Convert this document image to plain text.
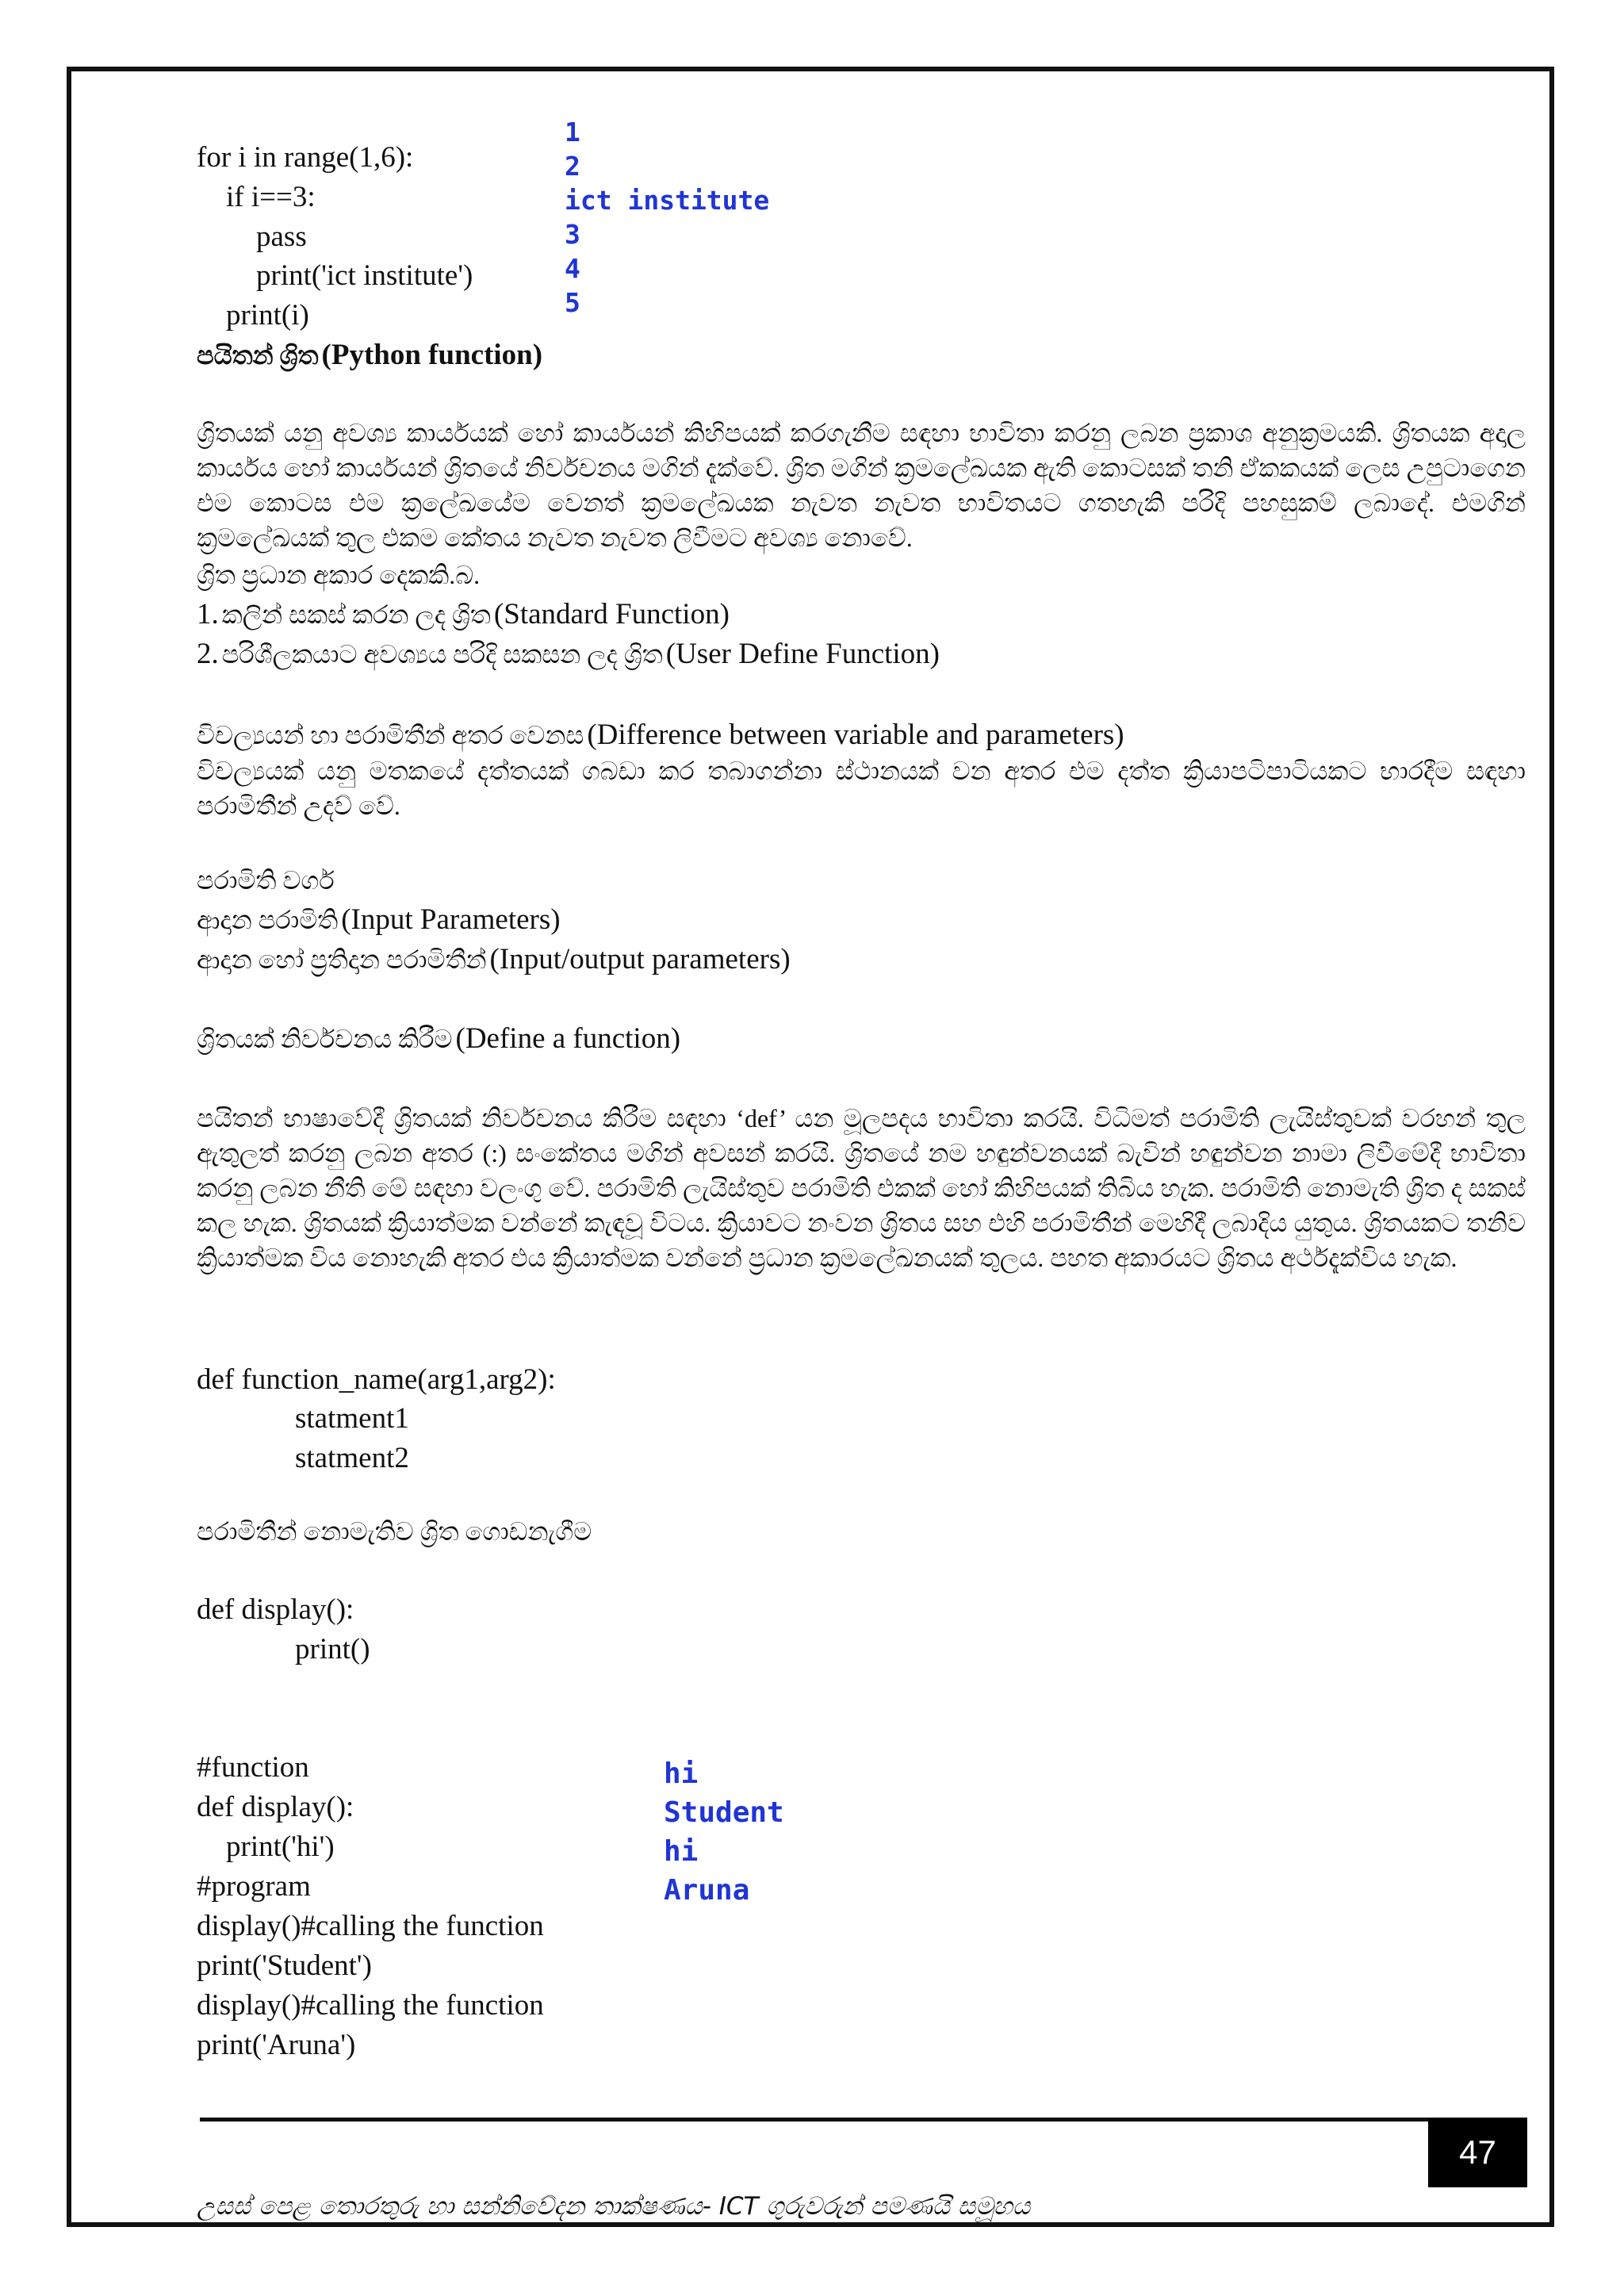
for i in range(1,6):
if i==3:
pass
print('ict institute')
print(i)
1
2
ict institute
3
4
5
පයිතන් ශ්‍රිත (Python function)
ශ්‍රිතයක් යනු අවශ්‍ය කාර්යයක් හෝ කාර්යයන් කිහිපයක් කරගැනීම සඳහා භාවිතා කරනු ලබන ප්‍රකාශ අනුක්‍රමයකි. ශ්‍රිතයක අදාල කාර්යය හෝ කාර්යයන් ශ්‍රිතයේ නිර්වචනය මගින් දැක්වේ. ශ්‍රිත මගින් ක්‍රමලේඛයක ඇති කොටසක් තනි ඒකකයක් ලෙස උපුටාගෙන එම කොටස එම ක්‍රලේඛයේම වෙනත් ක්‍රමලේඛයක නැවත නැවත භාවිතයට ගතහැකි පරිදි පහසුකම් ලබාදේ. එමගින් ක්‍රමලේඛයක් තුල එකම කේතය නැවත නැවත ලිවීමට අවශ්‍ය නොවේ.
ශ්‍රිත ප්‍රධාන අකාර දෙකකි.බ.
1. කලින් සකස් කරන ලද ශ්‍රිත (Standard Function)
2. පරිශීලකයාට අවශ්‍යය පරිදි සකසන ලද ශ්‍රිත (User Define Function)
විචල්‍යයන් හා පරාමිතීන් අතර වෙනස (Difference between variable and parameters)
විචල්‍යයක් යනු මතකයේ දත්තයක් ගබඩා කර තබාගන්නා ස්ථානයක් වන අතර එම දත්ත ක්‍රියාපටිපාටියකට භාරදීම සඳහා පරාමිතීන් උදව් වේ.
පරාමිති වර්ග
ආදාන පරාමිති (Input Parameters)
ආදාන හෝ ප්‍රතිදාන පරාමිතීන් (Input/output parameters)
ශ්‍රිතයක් නිර්වචනය කිරීම (Define a function)
පයිතන් භාෂාවේදී ශ්‍රිතයක් නිර්වචනය කිරීම සඳහා ‘def’ යන මූලපදය භාවිතා කරයි. විධිමත් පරාමිති ලැයිස්තුවක් වරහන් තුල ඇතුලත් කරනු ලබන අතර (:) සංකේතය මගින් අවසන් කරයි. ශ්‍රිතයේ නම හඳුන්වනයක් බැවින් හඳුන්වන නාමා ලිවීමේදී භාවිතා කරනු ලබන නීති මේ සඳහා වලංගු වේ. පරාමිති ලැයිස්තුව පරාමිති එකක් හෝ කිහිපයක් තිබිය හැක. පරාමිති නොමැති ශ්‍රිත ද සකස් කල හැක. ශ්‍රිතයක් ක්‍රියාත්මක වන්නේ කැඳවූ විටය. ක්‍රියාවට නංවන ශ්‍රිතය සහ එහි පරාමිතීන් මෙහිදී ලබාදිය යුතුය. ශ්‍රිතයකට තනිව ක්‍රියාත්මක විය නොහැකි අතර එය ක්‍රියාත්මක වන්නේ ප්‍රධාන ක්‍රමලේඛනයක් තුලය. පහත අකාරයට ශ්‍රිතය අර්ථදැක්විය හැක.
def function_name(arg1,arg2):
statment1
statment2
පරාමිතීන් නොමැතිව ශ්‍රිත ගොඩනැගීම
def display():
print()
#function
def display():
print('hi')
#program
display()#calling the function
print('Student')
display()#calling the function
print('Aruna')
hi
Student
hi
Aruna
47
උසස් පෙළ තොරතුරු හා සන්නිවේදන තාක්ෂණය- ICT ගුරුවරුන් පමණයි සමූහය
